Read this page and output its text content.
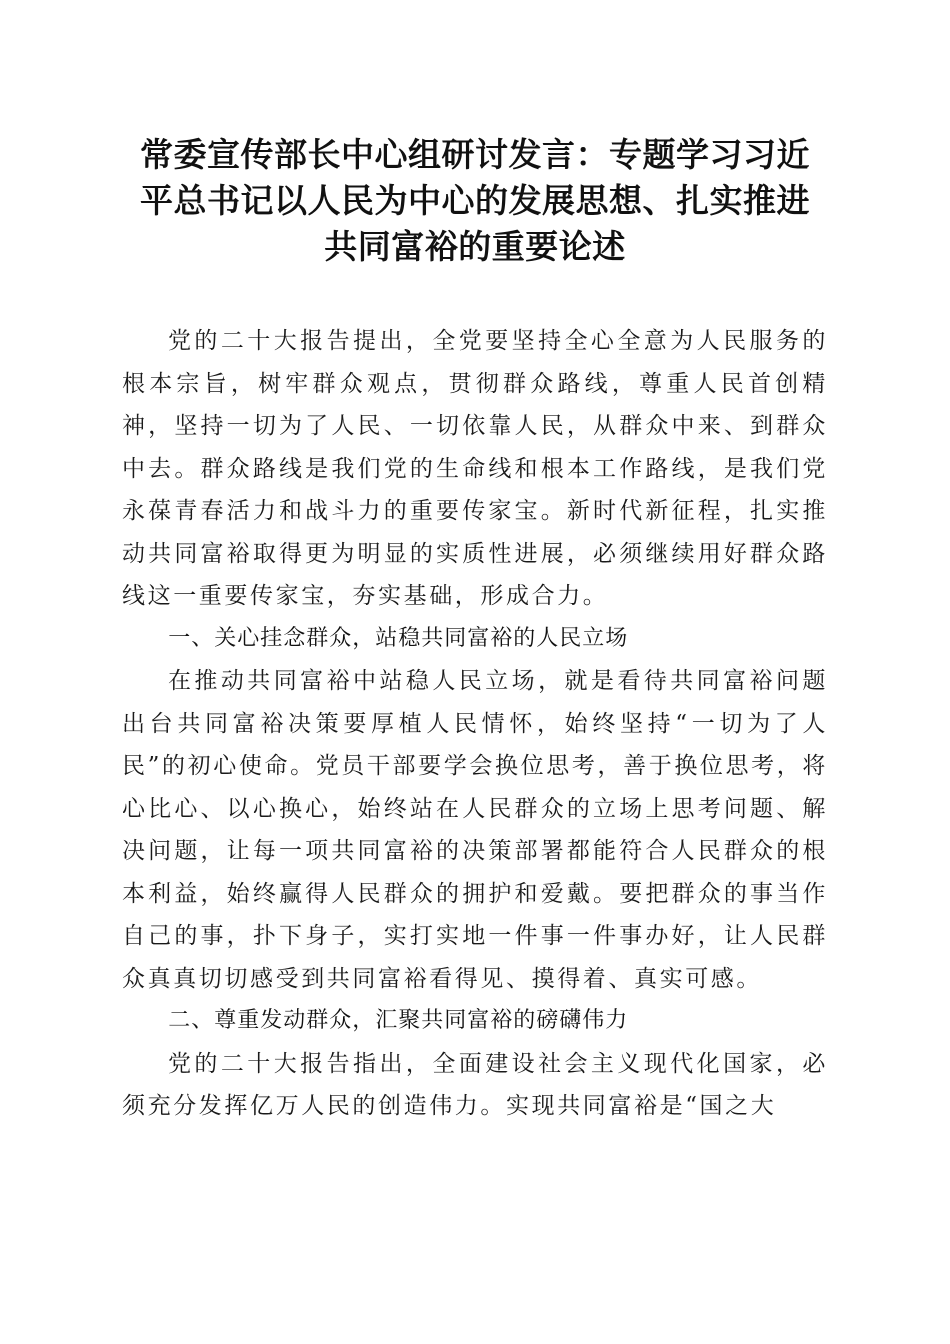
常委宣传部长中心组研讨发言：专题学习习近
平总书记以人民为中心的发展思想、扎实推进
共同富裕的重要论述

党的二十大报告提出，全党要坚持全心全意为人民服务的根本宗旨，树牢群众观点，贯彻群众路线，尊重人民首创精神，坚持一切为了人民、一切依靠人民，从群众中来、到群众中去。群众路线是我们党的生命线和根本工作路线，是我们党永葆青春活力和战斗力的重要传家宝。新时代新征程，扎实推动共同富裕取得更为明显的实质性进展，必须继续用好群众路线这一重要传家宝，夯实基础，形成合力。

一、关心挂念群众，站稳共同富裕的人民立场

在推动共同富裕中站稳人民立场，就是看待共同富裕问题出台共同富裕决策要厚植人民情怀，始终坚持“一切为了人民”的初心使命。党员干部要学会换位思考，善于换位思考，将心比心、以心换心，始终站在人民群众的立场上思考问题、解决问题，让每一项共同富裕的决策部署都能符合人民群众的根本利益，始终赢得人民群众的拥护和爱戴。要把群众的事当作自己的事，扑下身子，实打实地一件事一件事办好，让人民群众真真切切感受到共同富裕看得见、摸得着、真实可感。

二、尊重发动群众，汇聚共同富裕的磅礴伟力

党的二十大报告指出，全面建设社会主义现代化国家，必须充分发挥亿万人民的创造伟力。实现共同富裕是“国之大
